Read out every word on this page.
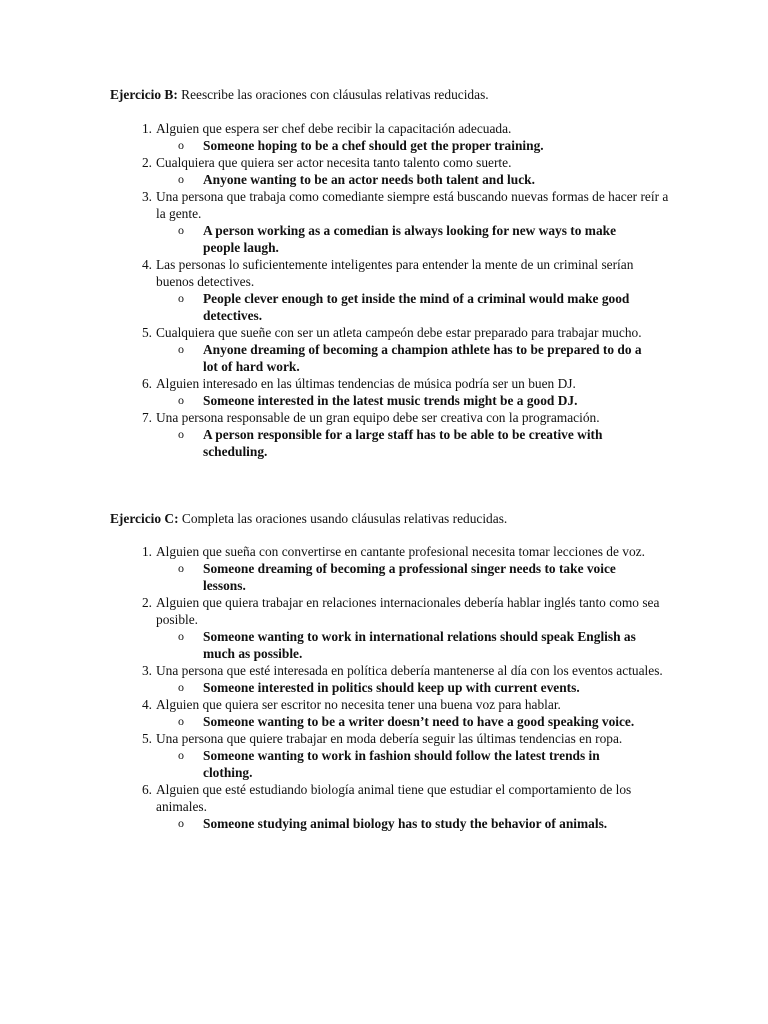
Ejercicio B: Reescribe las oraciones con cláusulas relativas reducidas.
1. Alguien que espera ser chef debe recibir la capacitación adecuada.
o	Someone hoping to be a chef should get the proper training.
2. Cualquiera que quiera ser actor necesita tanto talento como suerte.
o	Anyone wanting to be an actor needs both talent and luck.
3. Una persona que trabaja como comediante siempre está buscando nuevas formas de hacer reír a la gente.
o	A person working as a comedian is always looking for new ways to make people laugh.
4. Las personas lo suficientemente inteligentes para entender la mente de un criminal serían buenos detectives.
o	People clever enough to get inside the mind of a criminal would make good detectives.
5. Cualquiera que sueñe con ser un atleta campeón debe estar preparado para trabajar mucho.
o	Anyone dreaming of becoming a champion athlete has to be prepared to do a lot of hard work.
6. Alguien interesado en las últimas tendencias de música podría ser un buen DJ.
o	Someone interested in the latest music trends might be a good DJ.
7. Una persona responsable de un gran equipo debe ser creativa con la programación.
o	A person responsible for a large staff has to be able to be creative with scheduling.
Ejercicio C: Completa las oraciones usando cláusulas relativas reducidas.
1. Alguien que sueña con convertirse en cantante profesional necesita tomar lecciones de voz.
o	Someone dreaming of becoming a professional singer needs to take voice lessons.
2. Alguien que quiera trabajar en relaciones internacionales debería hablar inglés tanto como sea posible.
o	Someone wanting to work in international relations should speak English as much as possible.
3. Una persona que esté interesada en política debería mantenerse al día con los eventos actuales.
o	Someone interested in politics should keep up with current events.
4. Alguien que quiera ser escritor no necesita tener una buena voz para hablar.
o	Someone wanting to be a writer doesn’t need to have a good speaking voice.
5. Una persona que quiere trabajar en moda debería seguir las últimas tendencias en ropa.
o	Someone wanting to work in fashion should follow the latest trends in clothing.
6. Alguien que esté estudiando biología animal tiene que estudiar el comportamiento de los animales.
o	Someone studying animal biology has to study the behavior of animals.
